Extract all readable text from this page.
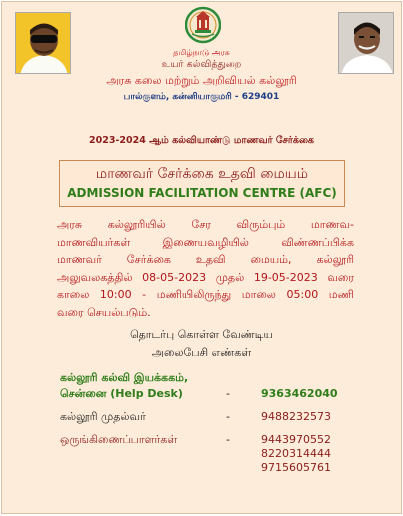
தமிழ்நாடு அரசு
உயர் கல்வித்துறை
அரசு கலை மற்றும் அறிவியல் கல்லூரி
பால்குளம், கன்னியாகுமரி - 629401
2023-2024 ஆம் கல்வியாண்டு மாணவர் சேர்க்கை
மாணவர் சேர்க்கை உதவி மையம்
ADMISSION FACILITATION CENTRE (AFC)
அரசு கல்லூரியில் சேர விரும்பும் மாணவ-
மாணவியர்கள் இணையவழியில் விண்ணப்பிக்க
மாணவர் சேர்க்கை உதவி மையம், கல்லூரி
அலுவலகத்தில் 08-05-2023 முதல் 19-05-2023 வரை
காலை 10:00 - மணியிலிருந்து மாலை 05:00 மணி
வரை செயல்படும்.
தொடர்பு கொள்ள வேண்டிய
அலைபேசி எண்கள்
கல்லூரி கல்வி இயக்ககம்,
சென்னை (Help Desk)	-	9363462040
கல்லூரி முதல்வர்	-	9488232573
ஒருங்கிணைப்பாளர்கள்	-	9443970552
8220314444
9715605761
